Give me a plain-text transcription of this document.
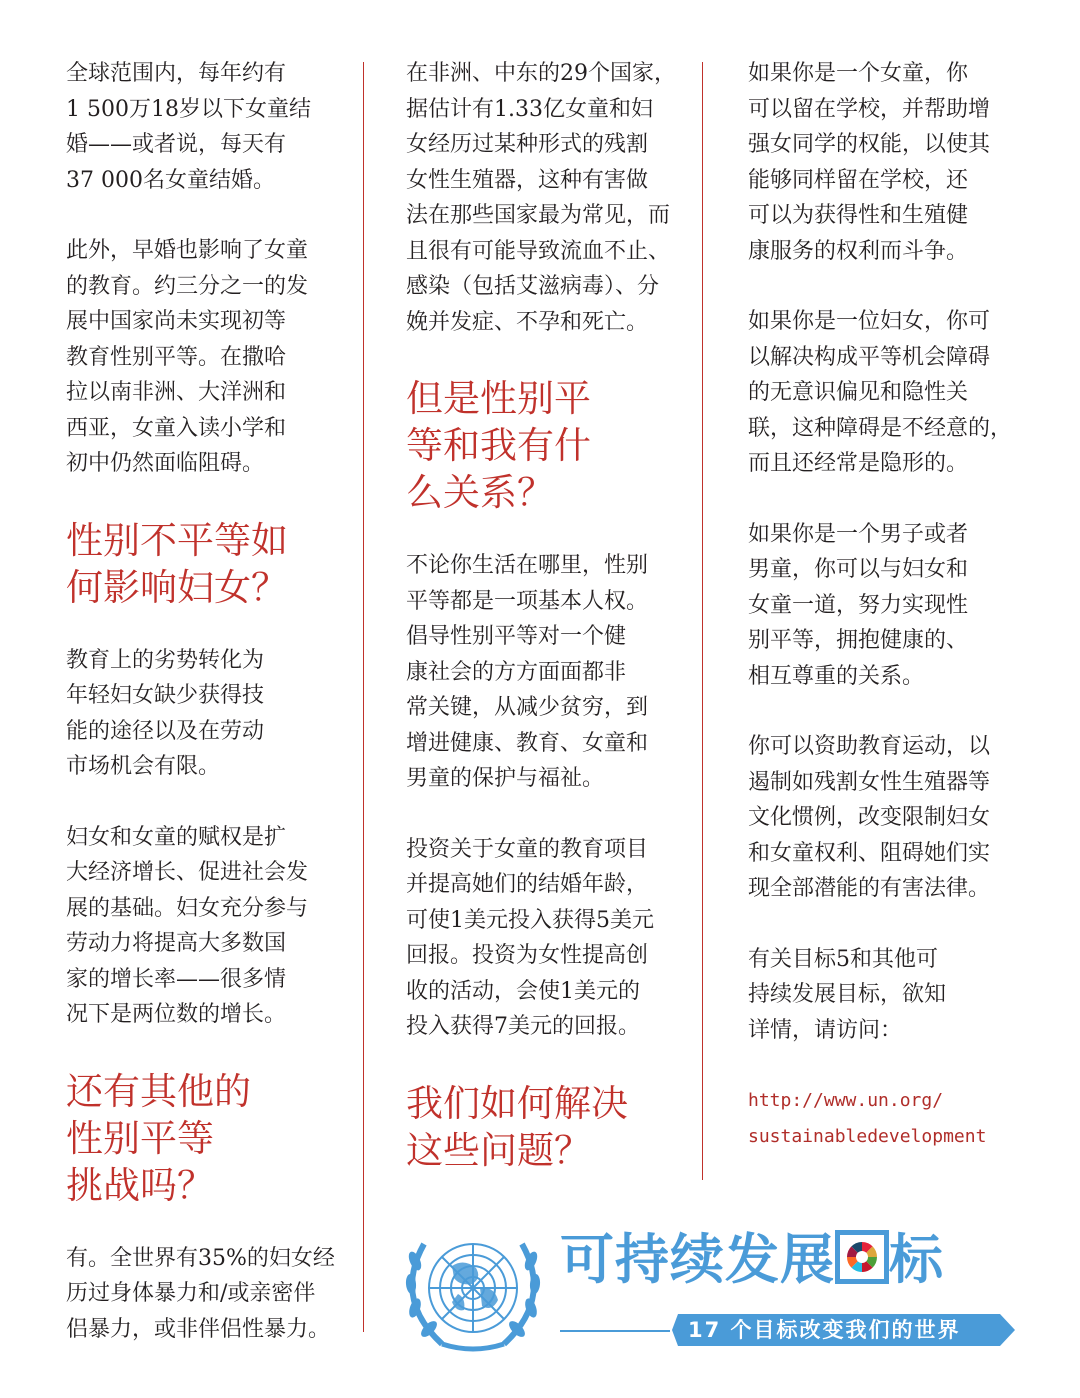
全球范围内，每年约有
1 500万18岁以下女童结
婚——或者说，每天有
37 000名女童结婚。

此外，早婚也影响了女童
的教育。约三分之一的发
展中国家尚未实现初等
教育性别平等。在撒哈
拉以南非洲、大洋洲和
西亚，女童入读小学和
初中仍然面临阻碍。

性别不平等如
何影响妇女？

教育上的劣势转化为
年轻妇女缺少获得技
能的途径以及在劳动
市场机会有限。

妇女和女童的赋权是扩
大经济增长、促进社会发
展的基础。妇女充分参与
劳动力将提高大多数国
家的增长率——很多情
况下是两位数的增长。

还有其他的
性别平等
挑战吗？

有。全世界有35%的妇女经
历过身体暴力和/或亲密伴
侣暴力，或非伴侣性暴力。

在非洲、中东的29个国家，
据估计有1.33亿女童和妇
女经历过某种形式的残割
女性生殖器，这种有害做
法在那些国家最为常见，而
且很有可能导致流血不止、
感染（包括艾滋病毒）、分
娩并发症、不孕和死亡。

但是性别平
等和我有什
么关系？

不论你生活在哪里，性别
平等都是一项基本人权。
倡导性别平等对一个健
康社会的方方面面都非
常关键，从减少贫穷，到
增进健康、教育、女童和
男童的保护与福祉。

投资关于女童的教育项目
并提高她们的结婚年龄，
可使1美元投入获得5美元
回报。投资为女性提高创
收的活动，会使1美元的
投入获得7美元的回报。

我们如何解决
这些问题？

如果你是一个女童，你
可以留在学校，并帮助增
强女同学的权能，以使其
能够同样留在学校，还
可以为获得性和生殖健
康服务的权利而斗争。

如果你是一位妇女，你可
以解决构成平等机会障碍
的无意识偏见和隐性关
联，这种障碍是不经意的，
而且还经常是隐形的。

如果你是一个男子或者
男童，你可以与妇女和
女童一道，努力实现性
别平等，拥抱健康的、
相互尊重的关系。

你可以资助教育运动，以
遏制如残割女性生殖器等
文化惯例，改变限制妇女
和女童权利、阻碍她们实
现全部潜能的有害法律。

有关目标5和其他可
持续发展目标，欲知
详情，请访问：

http://www.un.org/
sustainabledevelopment
可持续发展 标
17 个目标改变我们的世界
